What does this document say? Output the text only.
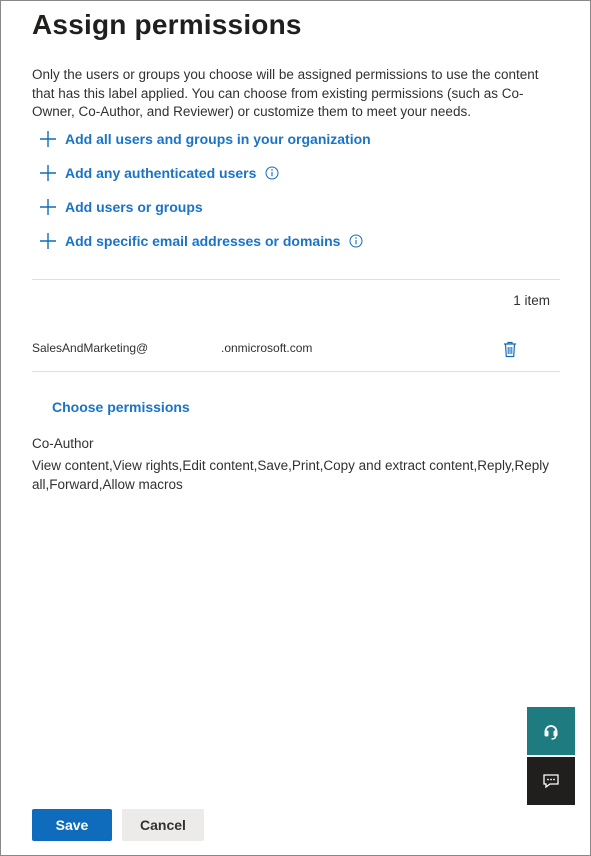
Assign permissions

Only the users or groups you choose will be assigned permissions to use the content that has this label applied. You can choose from existing permissions (such as Co-Owner, Co-Author, and Reviewer) or customize them to meet your needs.

Add all users and groups in your organization
Add any authenticated users
Add users or groups
Add specific email addresses or domains
1 item
SalesAndMarketing@	.onmicrosoft.com
Choose permissions
Co-Author

View content,View rights,Edit content,Save,Print,Copy and extract content,Reply,Reply all,Forward,Allow macros

Save	Cancel
